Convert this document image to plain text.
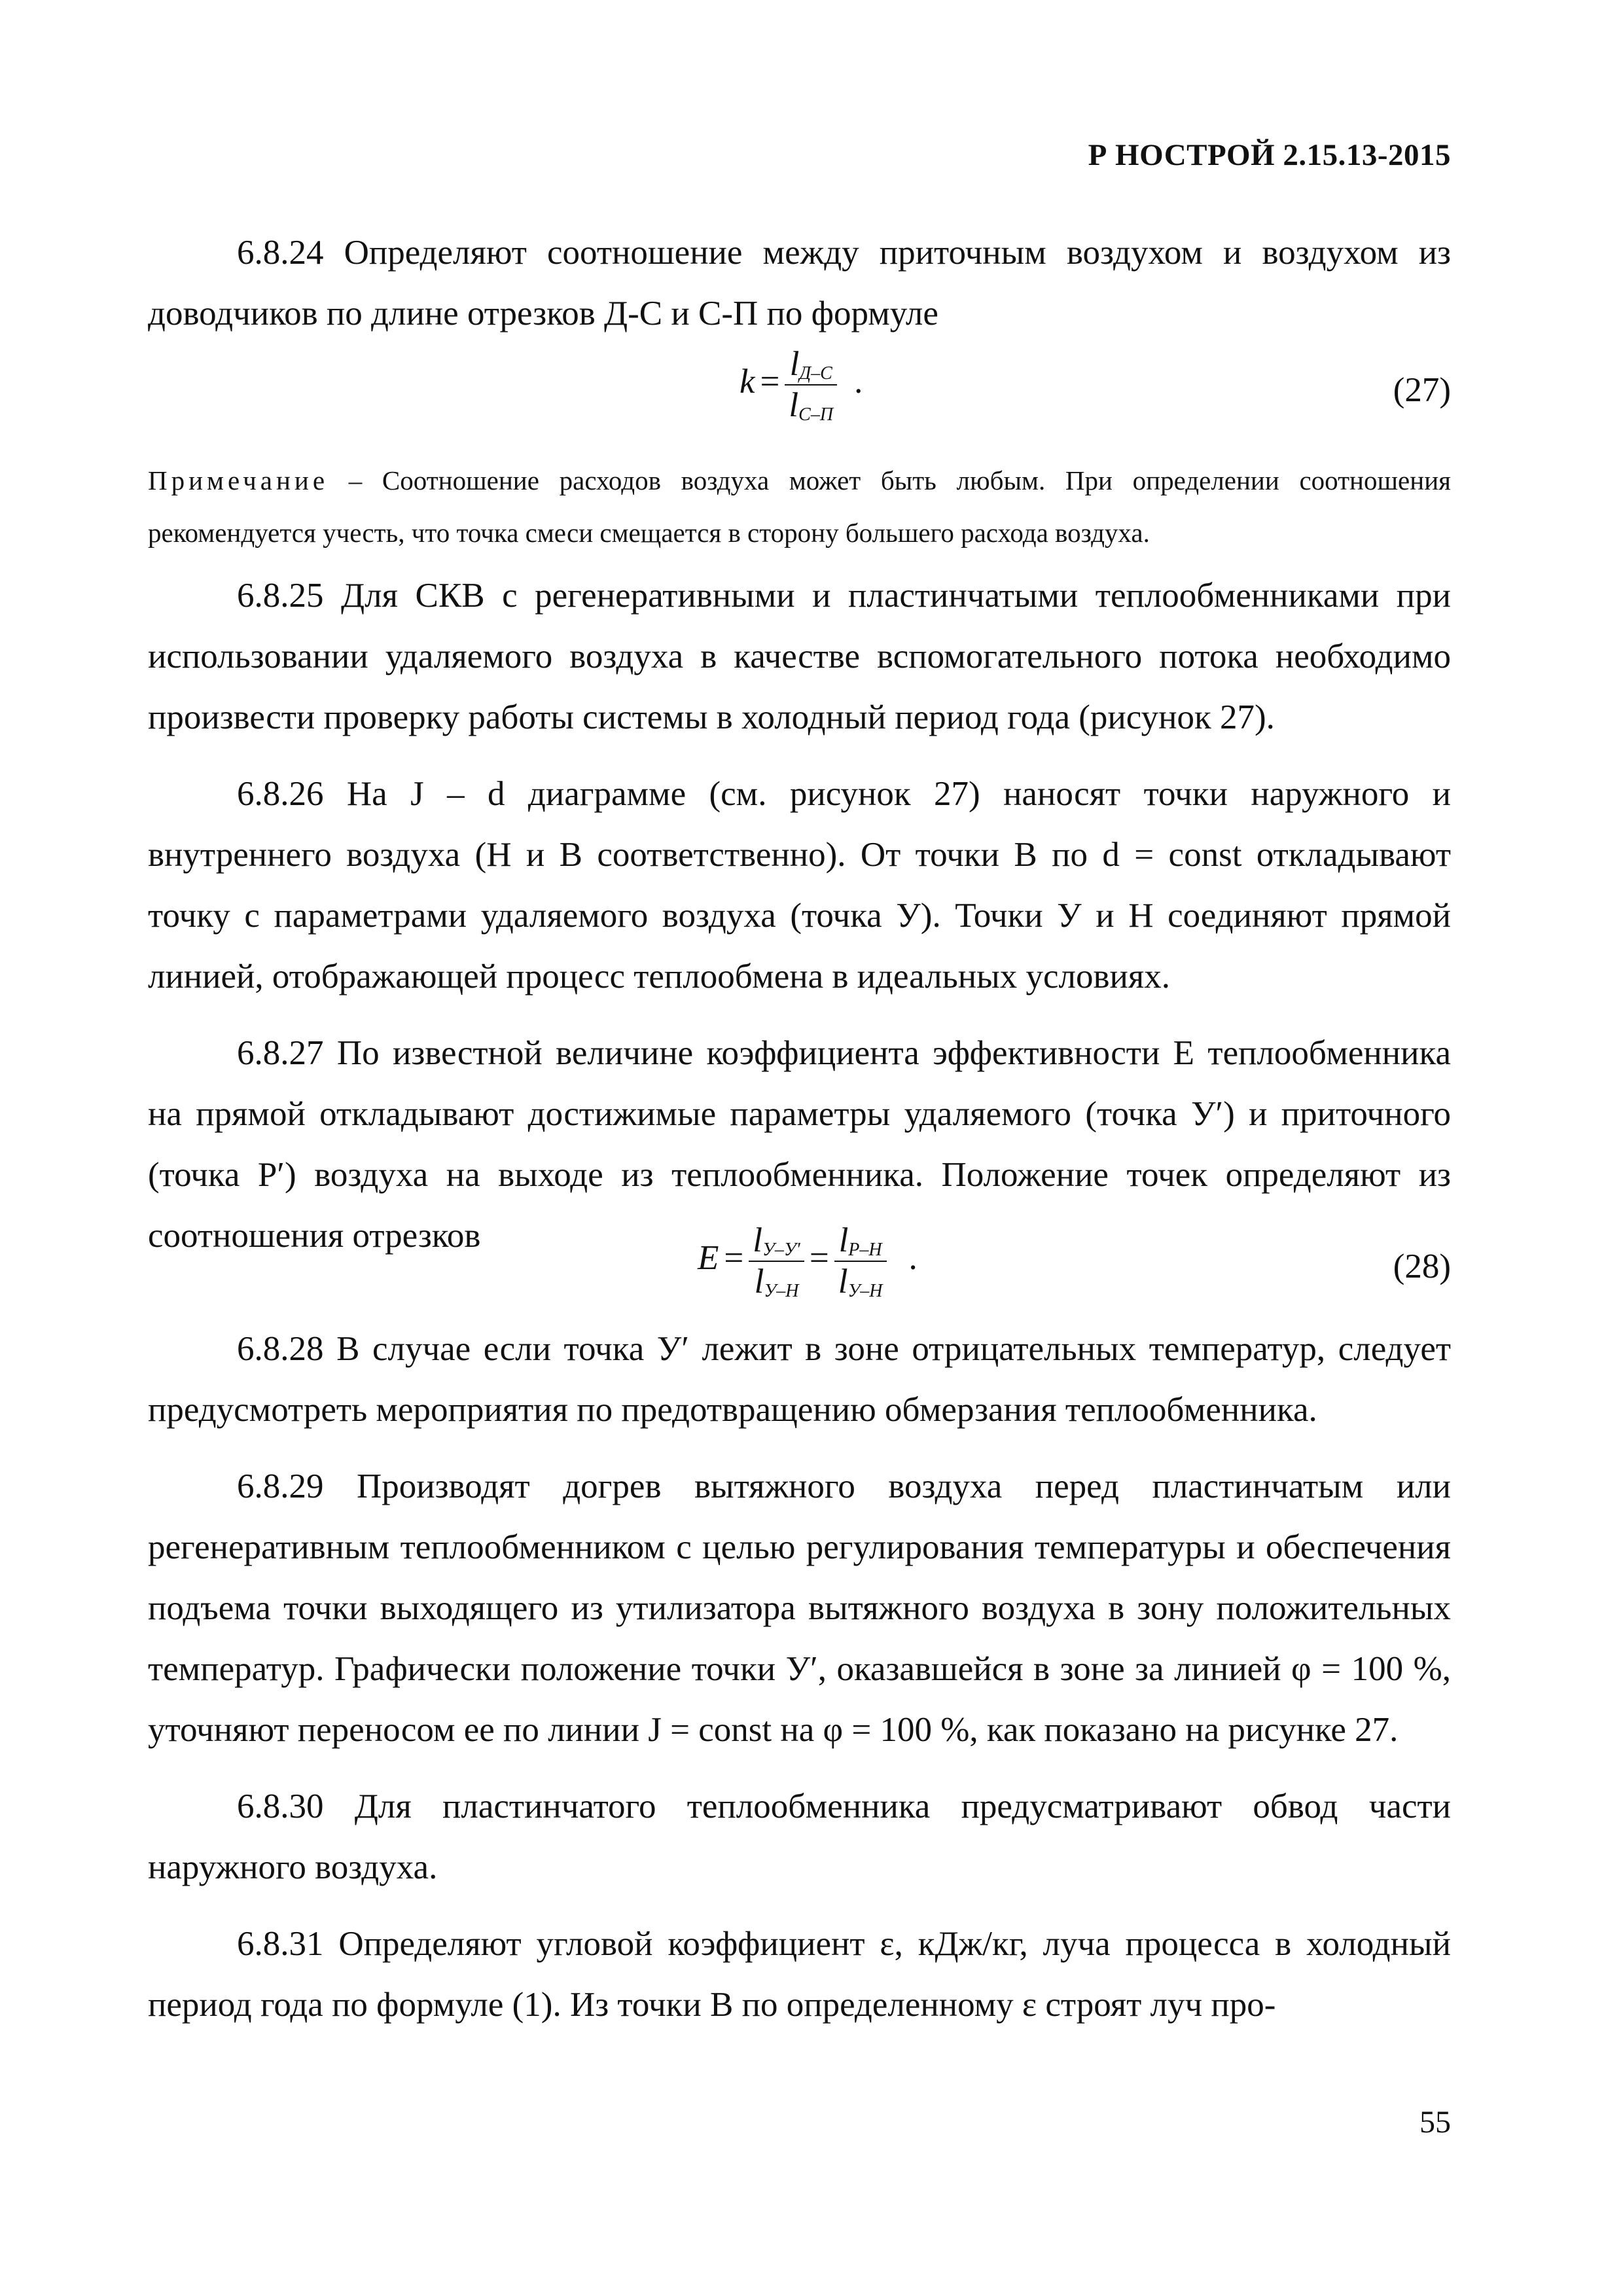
Р НОСТРОЙ 2.15.13-2015

6.8.24 Определяют соотношение между приточным воздухом и воздухом из доводчиков по длине отрезков Д-С и С-П по формуле

$k = \frac{l_{Д-С}}{l_{С-П}}$ .	(27)

Примечание – Соотношение расходов воздуха может быть любым. При определении соотношения рекомендуется учесть, что точка смеси смещается в сторону большего расхода воздуха.

6.8.25 Для СКВ с регенеративными и пластинчатыми теплообменниками при использовании удаляемого воздуха в качестве вспомогательного потока необходимо произвести проверку работы системы в холодный период года (рисунок 27).

6.8.26 На J – d диаграмме (см. рисунок 27) наносят точки наружного и внутреннего воздуха (Н и В соответственно). От точки В по d = const откладывают точку с параметрами удаляемого воздуха (точка У). Точки У и Н соединяют прямой линией, отображающей процесс теплообмена в идеальных условиях.

6.8.27 По известной величине коэффициента эффективности Е теплообменника на прямой откладывают достижимые параметры удаляемого (точка У′) и приточного (точка Р′) воздуха на выходе из теплообменника. Положение точек определяют из соотношения отрезков

$E = \frac{l_{У-У'}}{l_{У-Н}} = \frac{l_{Р-Н}}{l_{У-Н}}$ .	(28)

6.8.28 В случае если точка У′ лежит в зоне отрицательных температур, следует предусмотреть мероприятия по предотвращению обмерзания теплообменника.

6.8.29 Производят догрев вытяжного воздуха перед пластинчатым или регенеративным теплообменником с целью регулирования температуры и обеспечения подъема точки выходящего из утилизатора вытяжного воздуха в зону положительных температур. Графически положение точки У′, оказавшейся в зоне за линией φ = 100 %, уточняют переносом ее по линии J = const на φ = 100 %, как показано на рисунке 27.

6.8.30 Для пластинчатого теплообменника предусматривают обвод части наружного воздуха.

6.8.31 Определяют угловой коэффициент ε, кДж/кг, луча процесса в холодный период года по формуле (1). Из точки В по определенному ε строят луч про-

55
